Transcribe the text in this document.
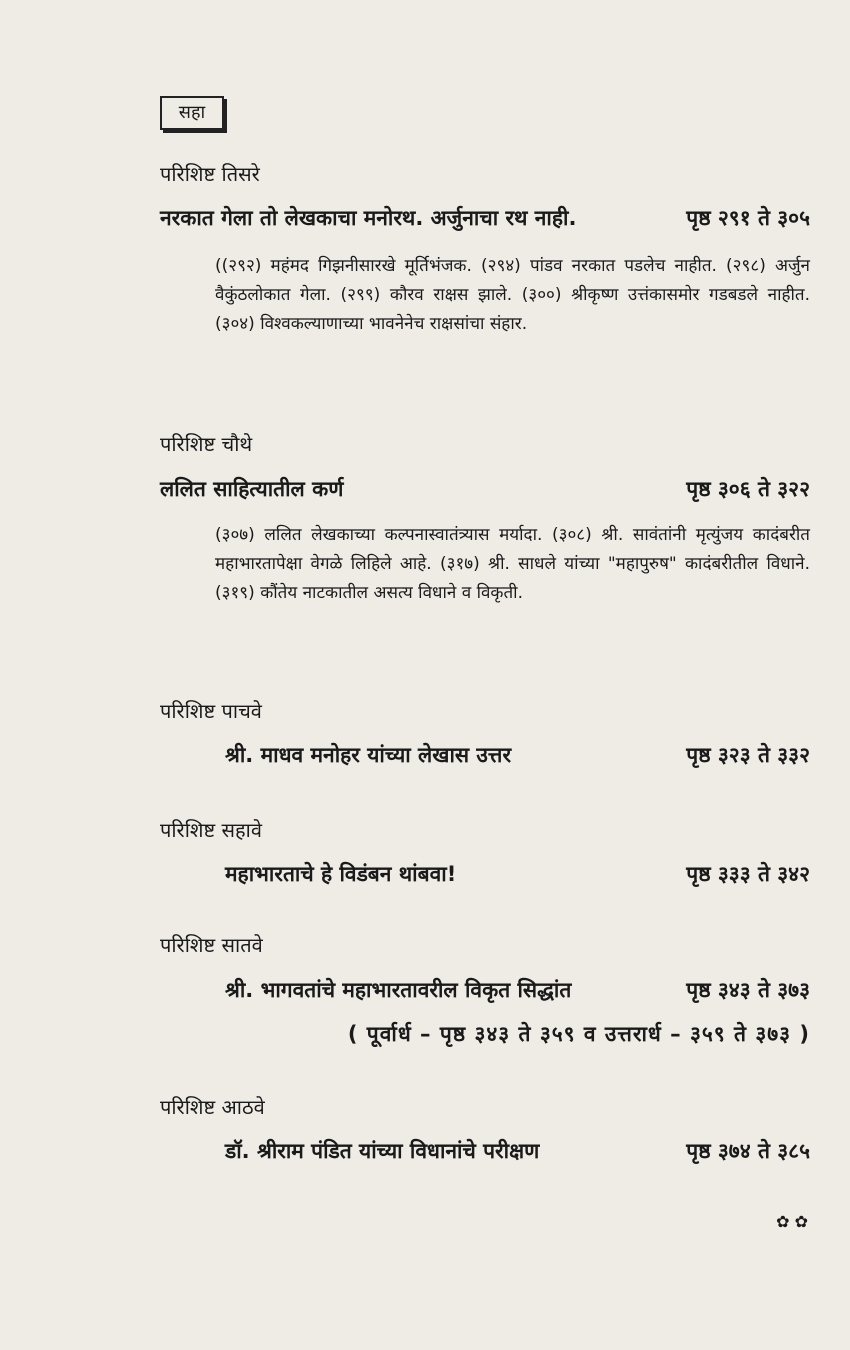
सहा
परिशिष्ट तिसरे
नरकात गेला तो लेखकाचा मनोरथ. अर्जुनाचा रथ नाही.	पृष्ठ २९१ ते ३०५
((२९२) महंमद गिझनीसारखे मूर्तिभंजक. (२९४) पांडव नरकात पडलेच नाहीत. (२९८) अर्जुन वैकुंठलोकात गेला. (२९९) कौरव राक्षस झाले. (३००) श्रीकृष्ण उत्तंकासमोर गडबडले नाहीत. (३०४) विश्वकल्याणाच्या भावनेनेच राक्षसांचा संहार.
परिशिष्ट चौथे
ललित साहित्यातील कर्ण	पृष्ठ ३०६ ते ३२२
(३०७) ललित लेखकाच्या कल्पनास्वातंत्र्यास मर्यादा. (३०८) श्री. सावंतांनी मृत्युंजय कादंबरीत महाभारतापेक्षा वेगळे लिहिले आहे. (३१७) श्री. साधले यांच्या "महापुरुष" कादंबरीतील विधाने. (३१९) कौंतेय नाटकातील असत्य विधाने व विकृती.
परिशिष्ट पाचवे
श्री. माधव मनोहर यांच्या लेखास उत्तर	पृष्ठ ३२३ ते ३३२
परिशिष्ट सहावे
महाभारताचे हे विडंबन थांबवा!	पृष्ठ ३३३ ते ३४२
परिशिष्ट सातवे
श्री. भागवतांचे महाभारतावरील विकृत सिद्धांत	पृष्ठ ३४३ ते ३७३
( पूर्वार्ध – पृष्ठ ३४३ ते ३५९ व उत्तरार्ध – ३५९ ते ३७३ )
परिशिष्ट आठवे
डॉ. श्रीराम पंडित यांच्या विधानांचे परीक्षण	पृष्ठ ३७४ ते ३८५
✿ ✿
